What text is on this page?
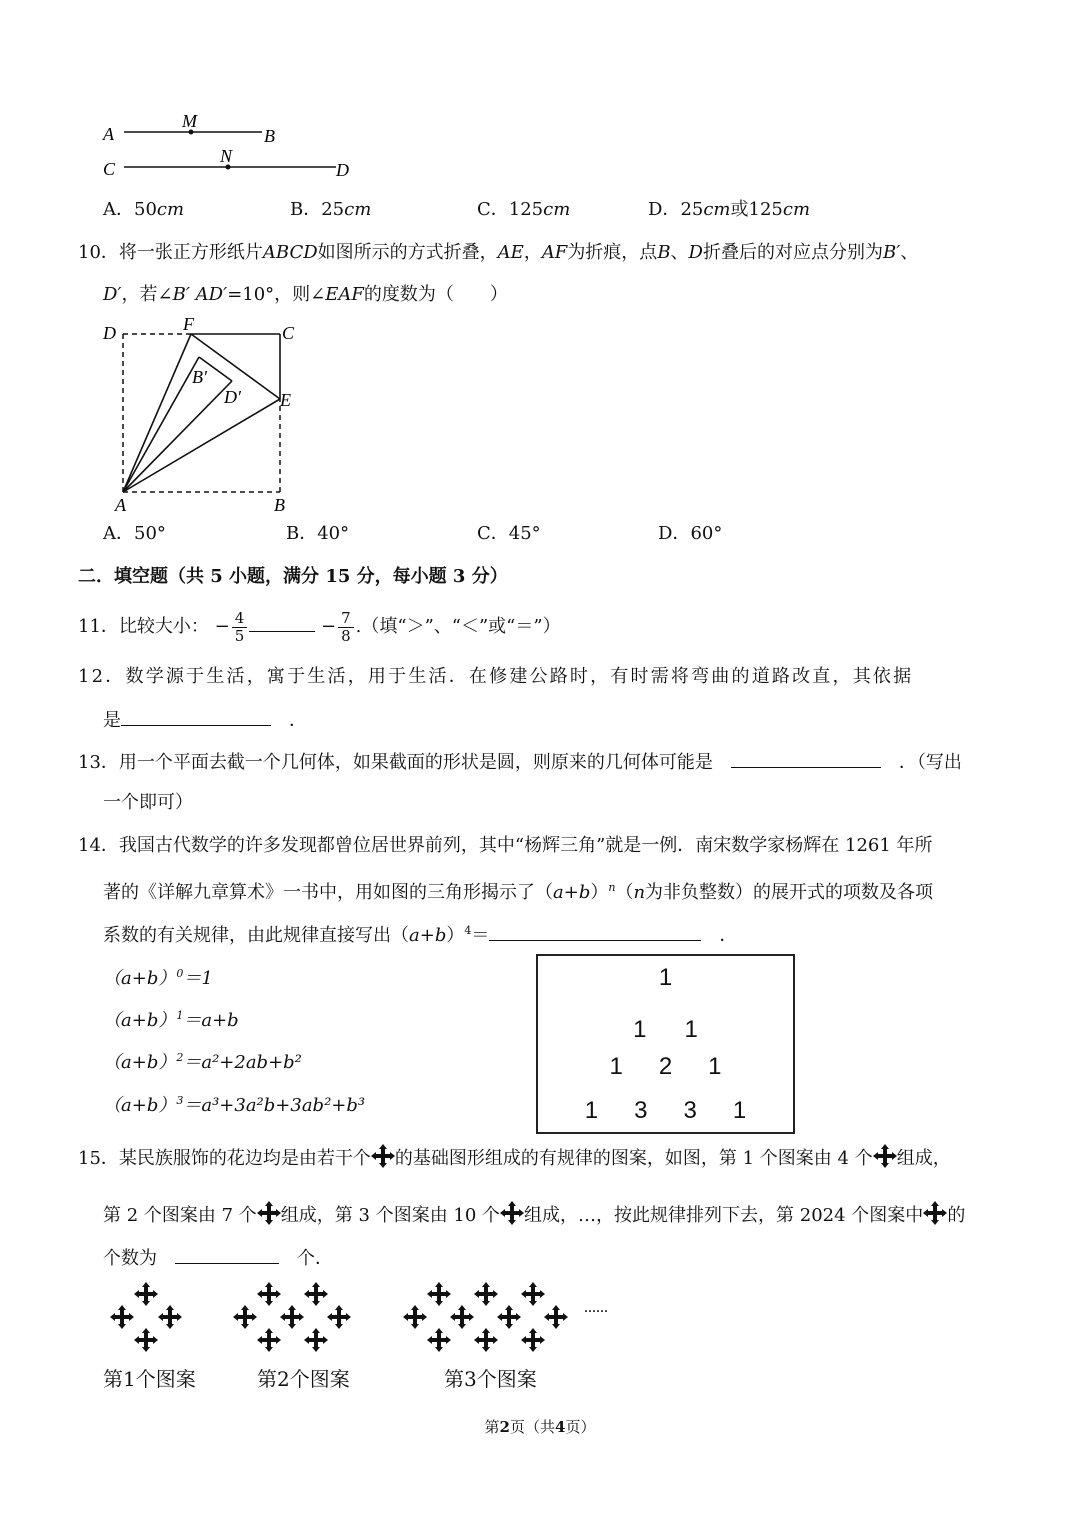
A
M
B
C
N
D
A．50cm	B．25cm	C．125cm	D．25cm或125cm
10．将一张正方形纸片ABCD如图所示的方式折叠，AE，AF为折痕，点B、D折叠后的对应点分别为B′、
D′，若∠B′ AD′=10°，则∠EAF的度数为（　　）
D	F	C
B′
D′ E
A	B
A．50°	B．40°	C．45°	D．60°
二．填空题（共 5 小题，满分 15 分，每小题 3 分）
11．比较大小： − $\frac{4}{5}$	− $\frac{7}{8}$ .（填“＞”、“＜”或“＝”）
12．数学源于生活，寓于生活，用于生活．在修建公路时，有时需将弯曲的道路改直，其依据
是　	．
13．用一个平面去截一个几何体，如果截面的形状是圆，则原来的几何体可能是　　	．（写出
一个即可）
14．我国古代数学的许多发现都曾位居世界前列，其中“杨辉三角”就是一例．南宋数学家杨辉在 1261 年所
著的《详解九章算术》一书中，用如图的三角形揭示了$(a+b)^n(n$为非负整数）的展开式的项数及各项
系数的有关规律，由此规律直接写出$(a+b)^4=$　	．
$(a+b)^0=1$
$(a+b)^1=a+b$
$(a+b)^2=a^2+2ab+b^2$
$(a+b)^3=a^3+3a^2b+3ab^2+b^3$
1
1 1
1 2 1
1 3 3 1
15．某民族服饰的花边均是由若干个 的基础图形组成的有规律的图案，如图，第 1 个图案由 4 个 组成，
第 2 个图案由 7 个 组成，第 3 个图案由 10 个 组成，…，按此规律排列下去，第 2024 个图案中 的
个数为　　	个．
......
第1个图案	第2个图案	第3个图案
第2页（共4页）
